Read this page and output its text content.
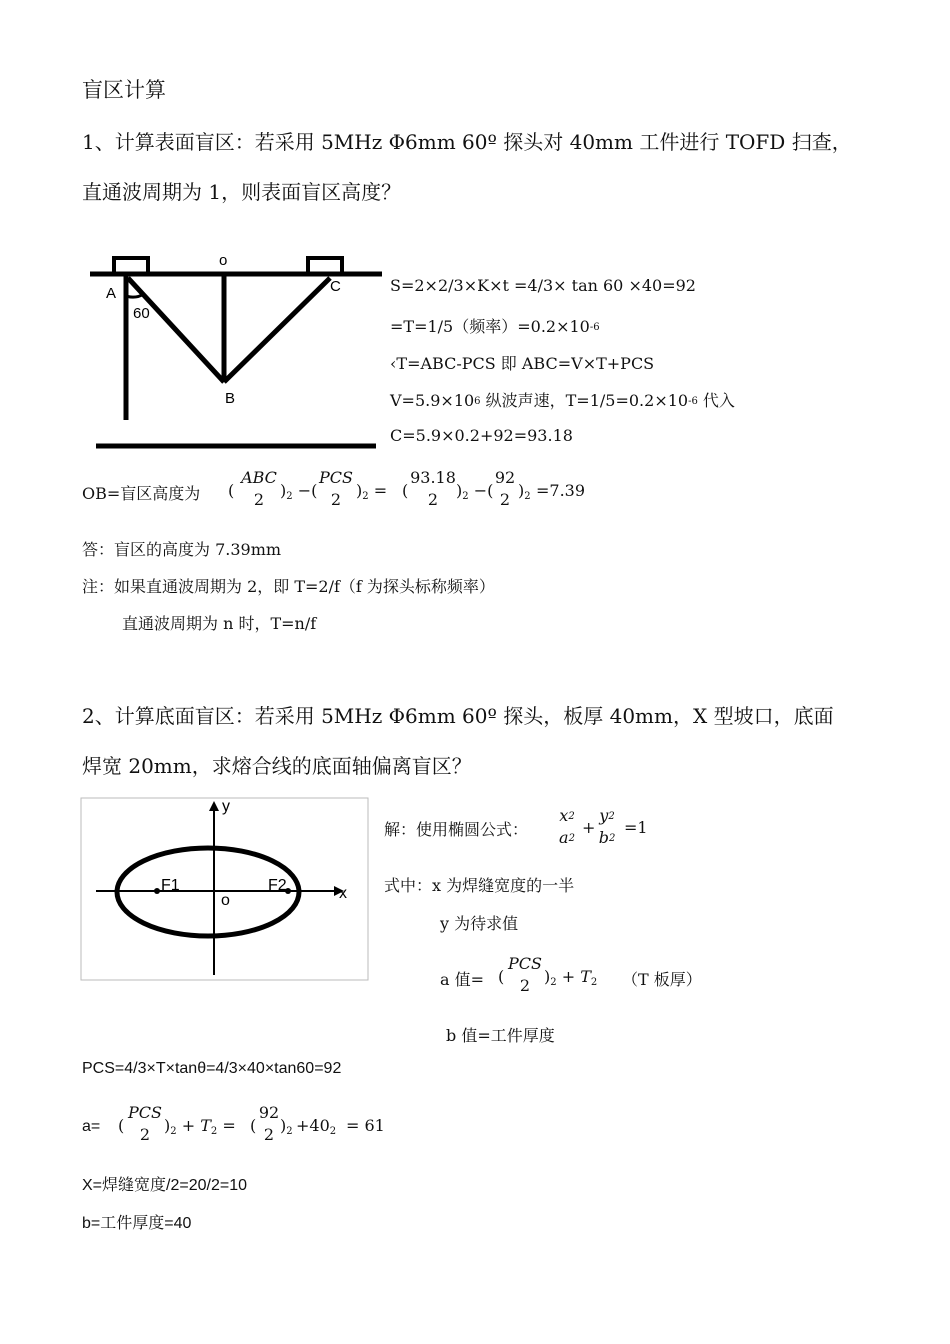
盲区计算
1、计算表面盲区：若采用 5MHz Φ6mm 60º 探头对 40mm 工件进行 TOFD 扫查，
直通波周期为 1，则表面盲区高度？
o
A	C
60
B
S=2×2/3×K×t =4/3× tan 60 ×40=92
=T=1/5（频率）=0.2×10-6
‹T=ABC-PCS 即 ABC=V×T+PCS
V=5.9×106 纵波声速，T=1/5=0.2×10-6 代入
C=5.9×0.2+92=93.18
OB=盲区高度为 (
ABC
2 )2 −(
PCS
2 )2 = (
93.18
2	)2 −(
92
2 )2 =7.39
答：盲区的高度为 7.39mm
注：如果直通波周期为 2，即 T=2/f（f 为探头标称频率）
直通波周期为 n 时，T=n/f
2、计算底面盲区：若采用 5MHz Φ6mm 60º 探头，板厚 40mm，X 型坡口，底面
焊宽 20mm，求熔合线的底面轴偏离盲区？
y
x
F1	F2
o
解：使用椭圆公式：
x2
a2
+
y2
b2
=1
式中：x 为焊缝宽度的一半
y 为待求值
a 值= (
PCS
2 )2 + T2 （T 板厚）
b 值=工件厚度
PCS=4/3×T×tanθ=4/3×40×tan60=92
a= (
PCS
2 )2 + T2 = (
92
2 )2 +402 = 61
X=焊缝宽度/2=20/2=10
b=工件厚度=40
